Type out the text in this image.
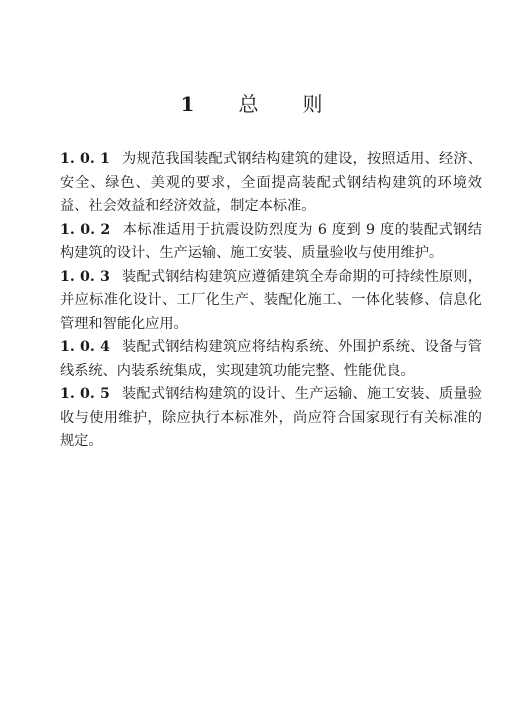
1 总 则

1. 0. 1 为规范我国装配式钢结构建筑的建设，按照适用、经济、安全、绿色、美观的要求，全面提高装配式钢结构建筑的环境效益、社会效益和经济效益，制定本标准。

1. 0. 2 本标准适用于抗震设防烈度为 6 度到 9 度的装配式钢结构建筑的设计、生产运输、施工安装、质量验收与使用维护。

1. 0. 3 装配式钢结构建筑应遵循建筑全寿命期的可持续性原则，并应标准化设计、工厂化生产、装配化施工、一体化装修、信息化管理和智能化应用。

1. 0. 4 装配式钢结构建筑应将结构系统、外围护系统、设备与管线系统、内装系统集成，实现建筑功能完整、性能优良。

1. 0. 5 装配式钢结构建筑的设计、生产运输、施工安装、质量验收与使用维护，除应执行本标准外，尚应符合国家现行有关标准的规定。
